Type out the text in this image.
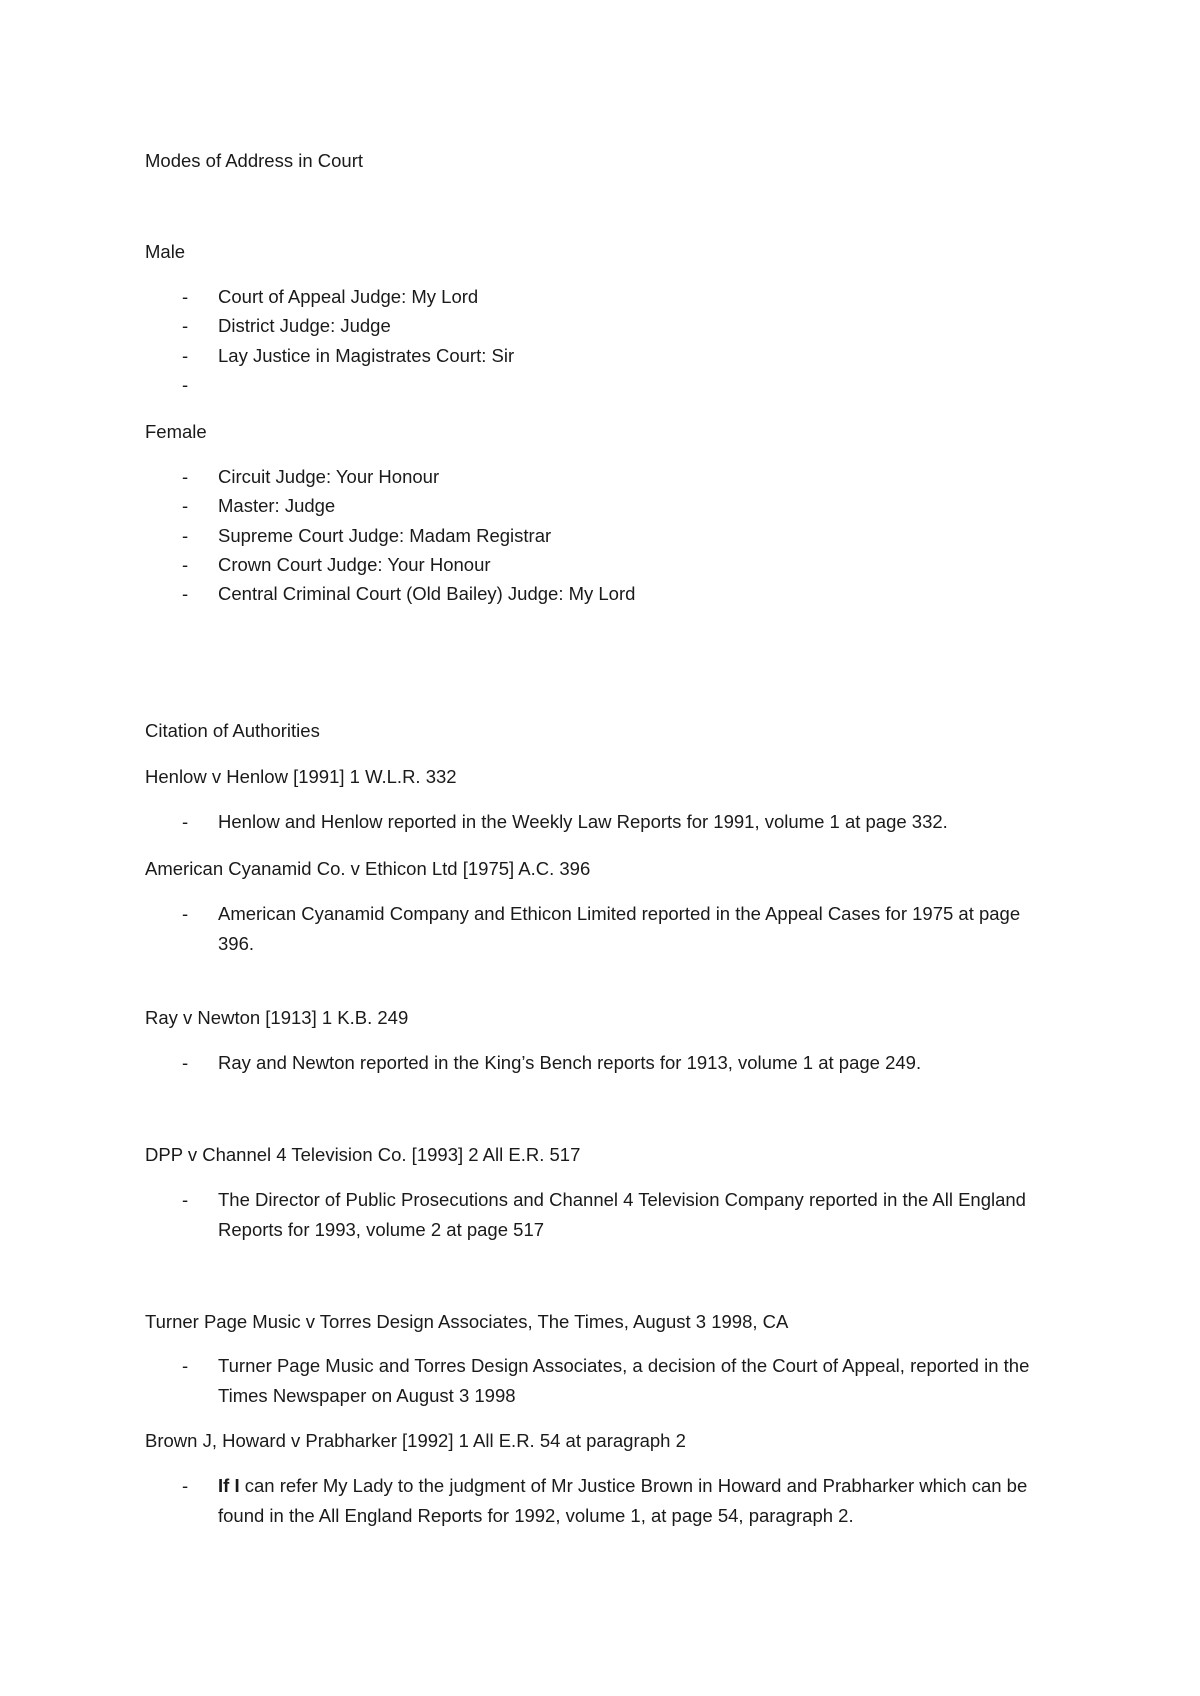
Modes of Address in Court
Male
- Court of Appeal Judge: My Lord
- District Judge: Judge
- Lay Justice in Magistrates Court: Sir
-
Female
- Circuit Judge: Your Honour
- Master: Judge
- Supreme Court Judge: Madam Registrar
- Crown Court Judge: Your Honour
- Central Criminal Court (Old Bailey) Judge: My Lord
Citation of Authorities
Henlow v Henlow [1991] 1 W.L.R. 332
- Henlow and Henlow reported in the Weekly Law Reports for 1991, volume 1 at page 332.
American Cyanamid Co. v Ethicon Ltd [1975] A.C. 396
- American Cyanamid Company and Ethicon Limited reported in the Appeal Cases for 1975 at page 396.
Ray v Newton [1913] 1 K.B. 249
- Ray and Newton reported in the King’s Bench reports for 1913, volume 1 at page 249.
DPP v Channel 4 Television Co. [1993] 2 All E.R. 517
- The Director of Public Prosecutions and Channel 4 Television Company reported in the All England Reports for 1993, volume 2 at page 517
Turner Page Music v Torres Design Associates, The Times, August 3 1998, CA
- Turner Page Music and Torres Design Associates, a decision of the Court of Appeal, reported in the Times Newspaper on August 3 1998
Brown J, Howard v Prabharker [1992] 1 All E.R. 54 at paragraph 2
- If I can refer My Lady to the judgment of Mr Justice Brown in Howard and Prabharker which can be found in the All England Reports for 1992, volume 1, at page 54, paragraph 2.
